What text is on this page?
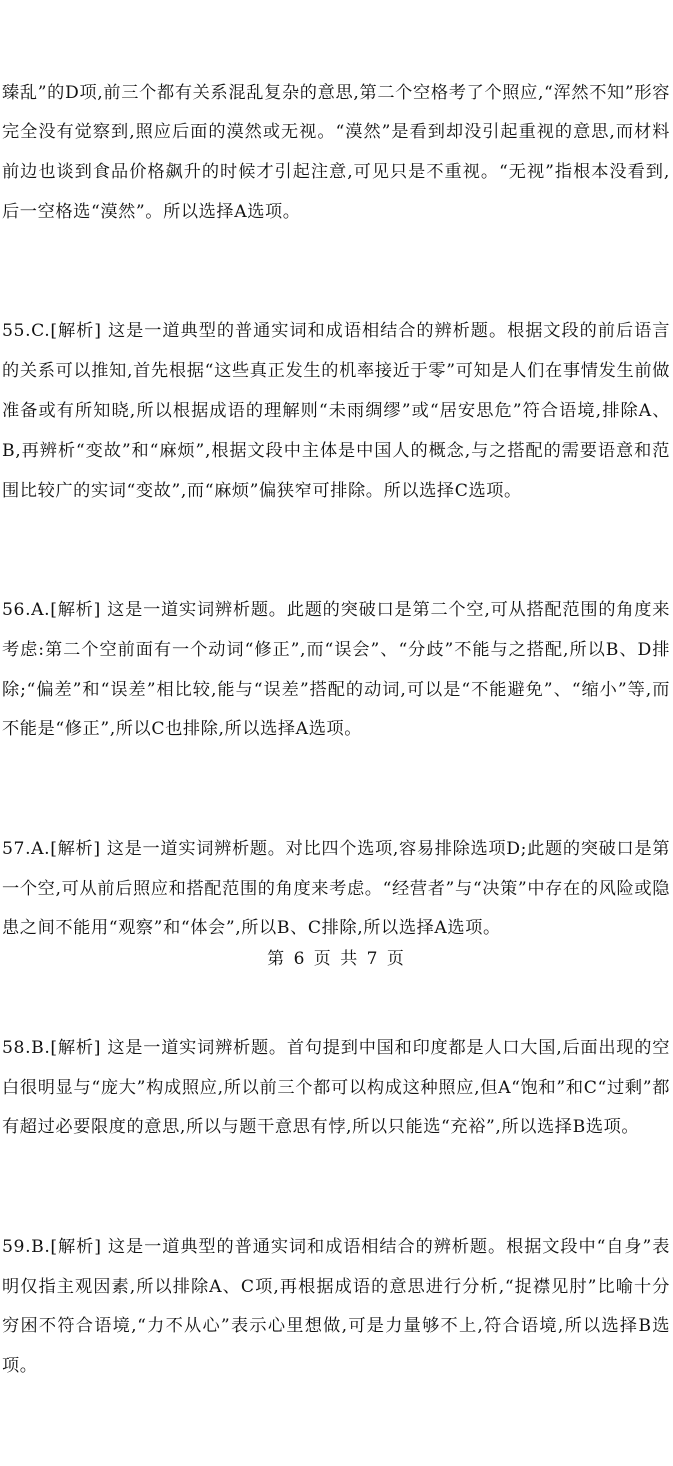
臻乱”的D项,前三个都有关系混乱复杂的意思,第二个空格考了个照应,“浑然不知”形容完全没有觉察到,照应后面的漠然或无视。“漠然”是看到却没引起重视的意思,而材料前边也谈到食品价格飙升的时候才引起注意,可见只是不重视。“无视”指根本没看到,后一空格选“漠然”。所以选择A选项。

55.C.[解析] 这是一道典型的普通实词和成语相结合的辨析题。根据文段的前后语言的关系可以推知,首先根据“这些真正发生的机率接近于零”可知是人们在事情发生前做准备或有所知晓,所以根据成语的理解则“未雨绸缪”或“居安思危”符合语境,排除A、B,再辨析“变故”和“麻烦”,根据文段中主体是中国人的概念,与之搭配的需要语意和范围比较广的实词“变故”,而“麻烦”偏狭窄可排除。所以选择C选项。

56.A.[解析] 这是一道实词辨析题。此题的突破口是第二个空,可从搭配范围的角度来考虑:第二个空前面有一个动词“修正”,而“误会”、“分歧”不能与之搭配,所以B、D排除;“偏差”和“误差”相比较,能与“误差”搭配的动词,可以是“不能避免”、“缩小”等,而不能是“修正”,所以C也排除,所以选择A选项。

57.A.[解析] 这是一道实词辨析题。对比四个选项,容易排除选项D;此题的突破口是第一个空,可从前后照应和搭配范围的角度来考虑。“经营者”与“决策”中存在的风险或隐患之间不能用“观察”和“体会”,所以B、C排除,所以选择A选项。

58.B.[解析] 这是一道实词辨析题。首句提到中国和印度都是人口大国,后面出现的空白很明显与“庞大”构成照应,所以前三个都可以构成这种照应,但A“饱和”和C“过剩”都有超过必要限度的意思,所以与题干意思有悖,所以只能选“充裕”,所以选择B选项。

59.B.[解析] 这是一道典型的普通实词和成语相结合的辨析题。根据文段中“自身”表明仅指主观因素,所以排除A、C项,再根据成语的意思进行分析,“捉襟见肘”比喻十分穷困不符合语境,“力不从心”表示心里想做,可是力量够不上,符合语境,所以选择B选项。

第 6 页 共 7 页
